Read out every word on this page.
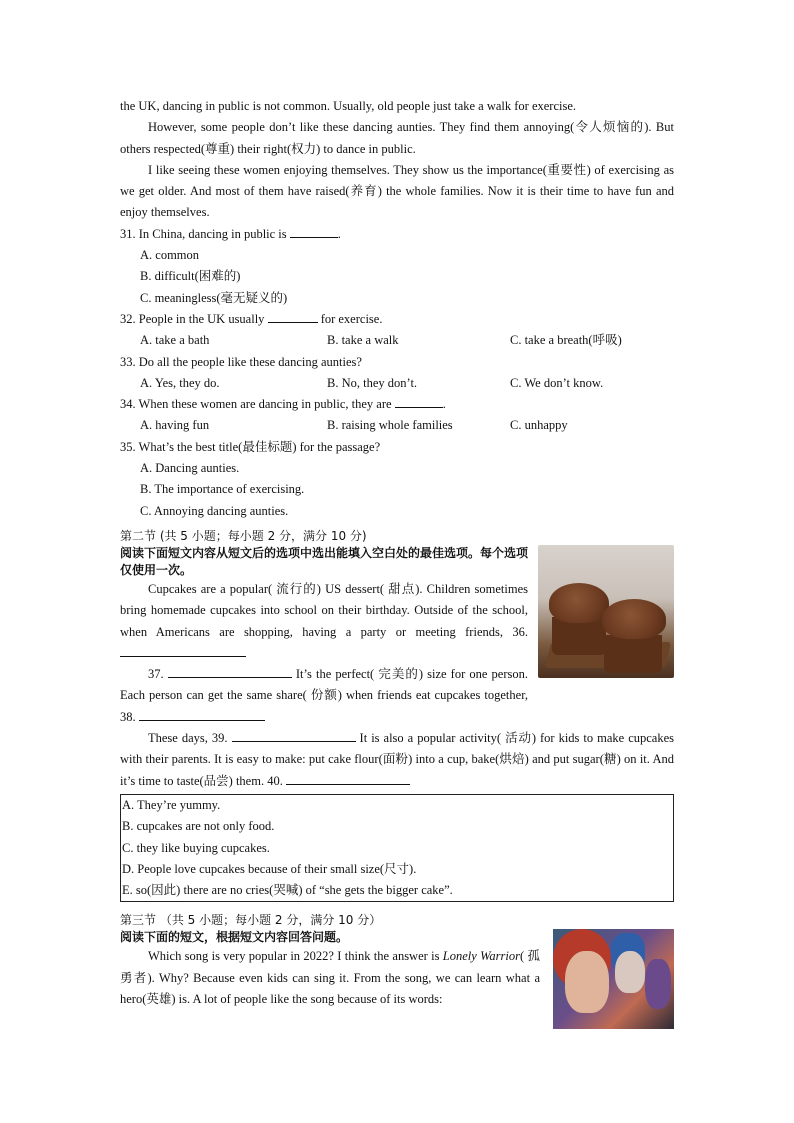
the UK, dancing in public is not common. Usually, old people just take a walk for exercise.

However, some people don’t like these dancing aunties. They find them annoying(令人烦恼的). But others respected(尊重) their right(权力) to dance in public.

I like seeing these women enjoying themselves. They show us the importance(重要性) of exercising as we get older. And most of them have raised(养育) the whole families. Now it is their time to have fun and enjoy themselves.

31. In China, dancing in public is	.

A. common

B. difficult(困难的)

C. meaningless(毫无疑义的)

32. People in the UK usually	for exercise.

A. take a bath	B. take a walk	C. take a breath(呼吸)

33. Do all the people like these dancing aunties?

A. Yes, they do.	B. No, they don’t.	C. We don’t know.

34. When these women are dancing in public, they are	.

A. having fun	B. raising whole families	C. unhappy

35. What’s the best title(最佳标题) for the passage?

A. Dancing aunties.

B. The importance of exercising.

C. Annoying dancing aunties.

第二节 (共 5 小题；每小题 2 分，满分 10 分)

阅读下面短文内容从短文后的选项中选出能填入空白处的最佳选项。每个选项仅使用一次。

Cupcakes are a popular( 流行的) US dessert( 甜点). Children sometimes bring homemade cupcakes into school on their birthday. Outside of the school, when Americans are shopping, having a party or meeting friends, 36.

37.	It’s the perfect( 完美的) size for one person. Each person can get the same share( 份额) when friends eat cupcakes together, 38.

These days, 39.	It is also a popular activity( 活动) for kids to make cupcakes with their parents. It is easy to make: put cake flour(面粉) into a cup, bake(烘焙) and put sugar(糖) on it. And it’s time to taste(品尝) them. 40.

A. They’re yummy.

B. cupcakes are not only food.

C. they like buying cupcakes.

D. People love cupcakes because of their small size(尺寸).

E. so(因此) there are no cries(哭喊) of “she gets the bigger cake”.

第三节 （共 5 小题；每小题 2 分，满分 10 分）

阅读下面的短文，根据短文内容回答问题。

Which song is very popular in 2022? I think the answer is Lonely Warrior( 孤勇者). Why? Because even kids can sing it. From the song, we can learn what a hero(英雄) is. A lot of people like the song because of its words:
